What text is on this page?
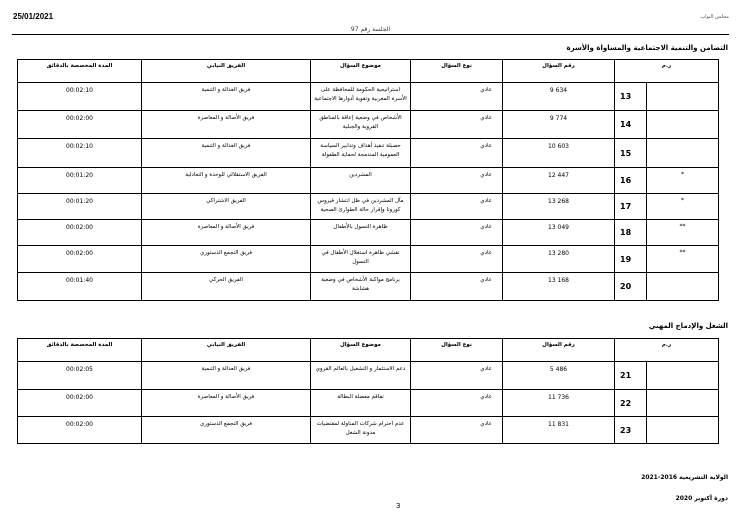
25/01/2021	مجلس النواب
الجلسة رقم 97
التضامن والتنمية الاجتماعية والمساواة والأسرة
ر.م		رقم السؤال	نوع السؤال	موضوع السؤال	الفريق النيابي	المدة المخصصة بالدقائق
	13	9 634	عادي	استراتيجية الحكومة للمحافظة على الأسرة المغربية وتقوية أدوارها الاجتماعية	فريق العدالة و التنمية	00:02:10
	14	9 774	عادي	الأشخاص في وضعية إعاقة بالمناطق القروية والجبلية	فريق الأصالة و المعاصرة	00:02:00
	15	10 603	عادي	حصيلة تنفيذ أهداف وتدابير السياسة العمومية المندمجة لحماية الطفولة	فريق العدالة و التنمية	00:02:10
*	16	12 447	عادي	المشردين	الفريق الاستقلالي للوحدة و التعادلية	00:01:20
*	17	13 268	عادي	مآل المشردين في ظل انتشار فيروس كورونا وإقرار حالة الطوارئ الصحية	الفريق الاشتراكي	00:01:20
**	18	13 049	عادي	ظاهرة التسول بالأطفال	فريق الأصالة و المعاصرة	00:02:00
**	19	13 280	عادي	تفشي ظاهرة استغلال الأطفال في التسول	فريق التجمع الدستوري	00:02:00
	20	13 168	عادي	برنامج مواكبة الأشخاص في وضعية هشاشة	الفريق الحركي	00:01:40
الشغل والإدماج المهني
ر.م		رقم السؤال	نوع السؤال	موضوع السؤال	الفريق النيابي	المدة المخصصة بالدقائق
	21	5 486	عادي	دعم الاستثمار و التشغيل بالعالم القروي	فريق العدالة و التنمية	00:02:05
	22	11 736	عادي	تفاقم معضلة البطالة	فريق الأصالة و المعاصرة	00:02:00
	23	11 831	عادي	عدم احترام شركات المناولة لمقتضيات مدونة الشغل	فريق التجمع الدستوري	00:02:00
الولاية التشريعية 2016-2021
دورة أكتوبر 2020
3
